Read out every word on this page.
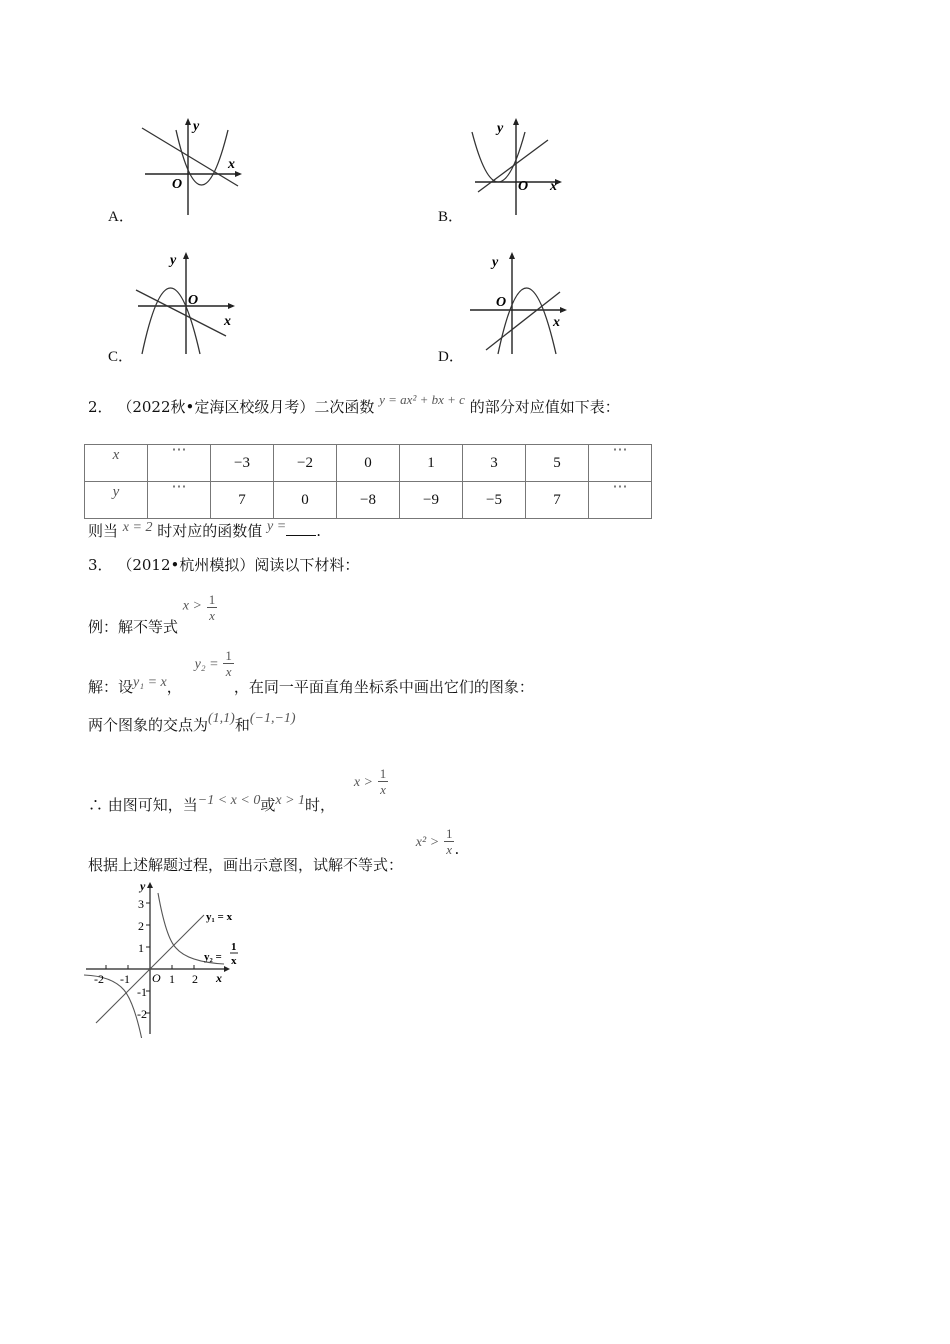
y
x
O
A．
y
x
O
B．
y
x
O
C．
y
x
O
D．
2． （2022秋•定海区校级月考）二次函数 y = ax² + bx + c 的部分对应值如下表：
x	⋯	−3	−2	0	1	3	5	⋯
y	⋯	7	0	−8	−9	−5	7	⋯
则当 x = 2 时对应的函数值 y = .
3． （2012•杭州模拟）阅读以下材料：
例：解不等式 $x > \frac{1}{x}$
解：设y₁ = x， $y_2 = \frac{1}{x}$
，在同一平面直角坐标系中画出它们的图象：
两个图象的交点为(1,1)和(−1,−1)
∴ 由图可知，当−1 < x < 0或x > 1时， $x > \frac{1}{x}$
根据上述解题过程，画出示意图，试解不等式： $x^2 > \frac{1}{x}$ .
y
x
O
3
2
1
-1
-2
-2 -1	1 2
y₁ = x
y₂ =
1
x
